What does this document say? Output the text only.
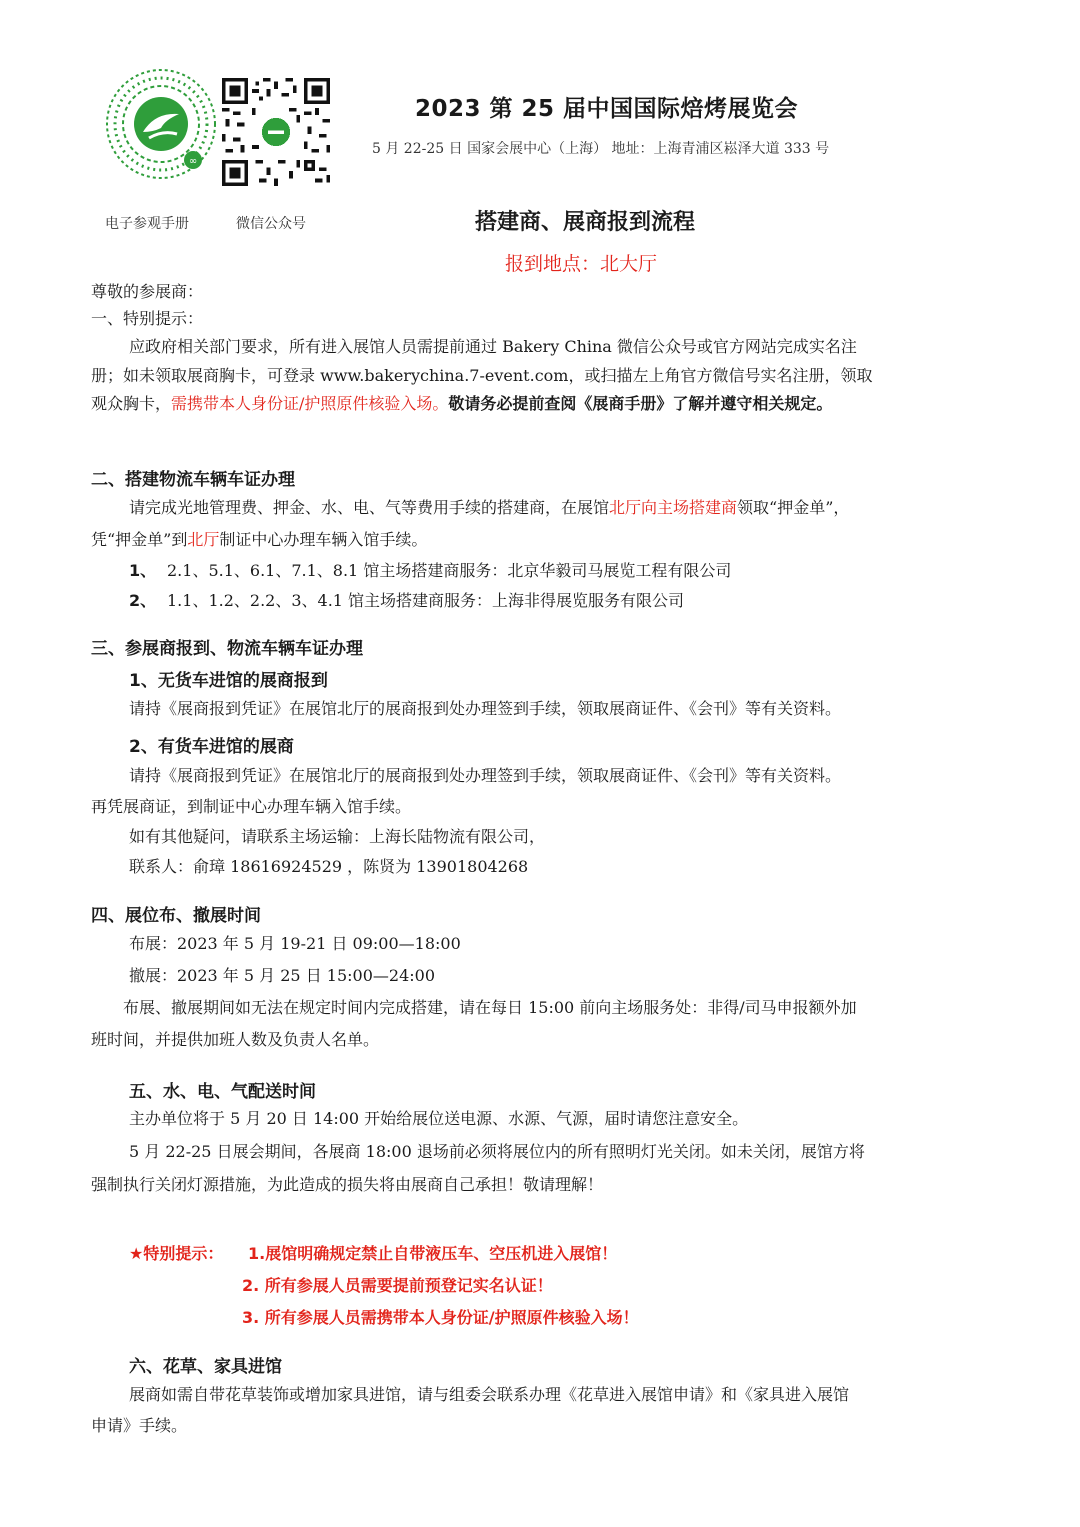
∞
电子参观手册	微信公众号
2023 第 25 届中国国际焙烤展览会
5 月 22-25 日 国家会展中心（上海） 地址：上海青浦区崧泽大道 333 号
搭建商、展商报到流程
报到地点：北大厅
尊敬的参展商：
一、特别提示：
应政府相关部门要求，所有进入展馆人员需提前通过 Bakery China 微信公众号或官方网站完成实名注
册；如未领取展商胸卡，可登录 www.bakerychina.7-event.com，或扫描左上角官方微信号实名注册，领取
观众胸卡，需携带本人身份证/护照原件核验入场。敬请务必提前查阅《展商手册》了解并遵守相关规定。
二、搭建物流车辆车证办理
请完成光地管理费、押金、水、电、气等费用手续的搭建商，在展馆北厅向主场搭建商领取“押金单”，
凭“押金单”到北厅制证中心办理车辆入馆手续。
1、 2.1、5.1、6.1、7.1、8.1 馆主场搭建商服务：北京华毅司马展览工程有限公司
2、 1.1、1.2、2.2、3、4.1 馆主场搭建商服务：上海非得展览服务有限公司
三、参展商报到、物流车辆车证办理
1、无货车进馆的展商报到
请持《展商报到凭证》在展馆北厅的展商报到处办理签到手续，领取展商证件、《会刊》等有关资料。
2、有货车进馆的展商
请持《展商报到凭证》在展馆北厅的展商报到处办理签到手续，领取展商证件、《会刊》等有关资料。
再凭展商证，到制证中心办理车辆入馆手续。
如有其他疑问，请联系主场运输：上海长陆物流有限公司，
联系人：俞璋 18616924529 ，陈贤为 13901804268
四、展位布、撤展时间
布展：2023 年 5 月 19-21 日 09:00—18:00
撤展：2023 年 5 月 25 日 15:00—24:00
布展、撤展期间如无法在规定时间内完成搭建，请在每日 15:00 前向主场服务处：非得/司马申报额外加
班时间，并提供加班人数及负责人名单。
五、水、电、气配送时间
主办单位将于 5 月 20 日 14:00 开始给展位送电源、水源、气源，届时请您注意安全。
5 月 22-25 日展会期间，各展商 18:00 退场前必须将展位内的所有照明灯光关闭。如未关闭，展馆方将
强制执行关闭灯源措施，为此造成的损失将由展商自己承担！敬请理解！
★特别提示： 1.展馆明确规定禁止自带液压车、空压机进入展馆！
2. 所有参展人员需要提前预登记实名认证！
3. 所有参展人员需携带本人身份证/护照原件核验入场！
六、花草、家具进馆
展商如需自带花草装饰或增加家具进馆，请与组委会联系办理《花草进入展馆申请》和《家具进入展馆
申请》手续。
